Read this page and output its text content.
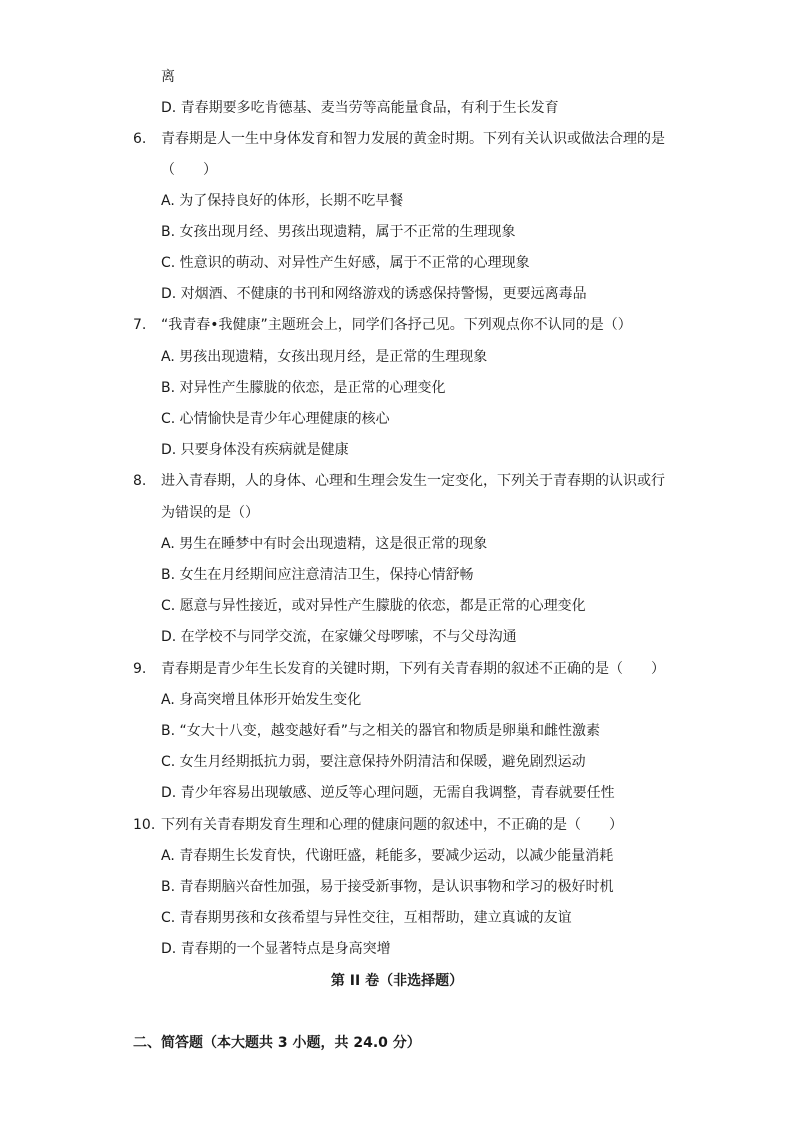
离
D. 青春期要多吃肯德基、麦当劳等高能量食品，有利于生长发育
6. 青春期是人一生中身体发育和智力发展的黄金时期。下列有关认识或做法合理的是
（　　）
A. 为了保持良好的体形，长期不吃早餐
B. 女孩出现月经、男孩出现遗精，属于不正常的生理现象
C. 性意识的萌动、对异性产生好感，属于不正常的心理现象
D. 对烟酒、不健康的书刊和网络游戏的诱惑保持警惕，更要远离毒品
7. “我青春•我健康”主题班会上，同学们各抒己见。下列观点你不认同的是（）
A. 男孩出现遗精，女孩出现月经，是正常的生理现象
B. 对异性产生朦胧的依恋，是正常的心理变化
C. 心情愉快是青少年心理健康的核心
D. 只要身体没有疾病就是健康
8. 进入青春期，人的身体、心理和生理会发生一定变化，下列关于青春期的认识或行
为错误的是（）
A. 男生在睡梦中有时会出现遗精，这是很正常的现象
B. 女生在月经期间应注意清洁卫生，保持心情舒畅
C. 愿意与异性接近，或对异性产生朦胧的依恋，都是正常的心理变化
D. 在学校不与同学交流，在家嫌父母啰嗦，不与父母沟通
9. 青春期是青少年生长发育的关键时期，下列有关青春期的叙述不正确的是（　　）
A. 身高突增且体形开始发生变化
B. “女大十八变，越变越好看”与之相关的器官和物质是卵巢和雌性激素
C. 女生月经期抵抗力弱，要注意保持外阴清洁和保暖，避免剧烈运动
D. 青少年容易出现敏感、逆反等心理问题，无需自我调整，青春就要任性
10. 下列有关青春期发育生理和心理的健康问题的叙述中，不正确的是（　　）
A. 青春期生长发育快，代谢旺盛，耗能多，要减少运动，以减少能量消耗
B. 青春期脑兴奋性加强，易于接受新事物，是认识事物和学习的极好时机
C. 青春期男孩和女孩希望与异性交往，互相帮助，建立真诚的友谊
D. 青春期的一个显著特点是身高突增
第 II 卷（非选择题）
二、简答题（本大题共 3 小题，共 24.0 分）
